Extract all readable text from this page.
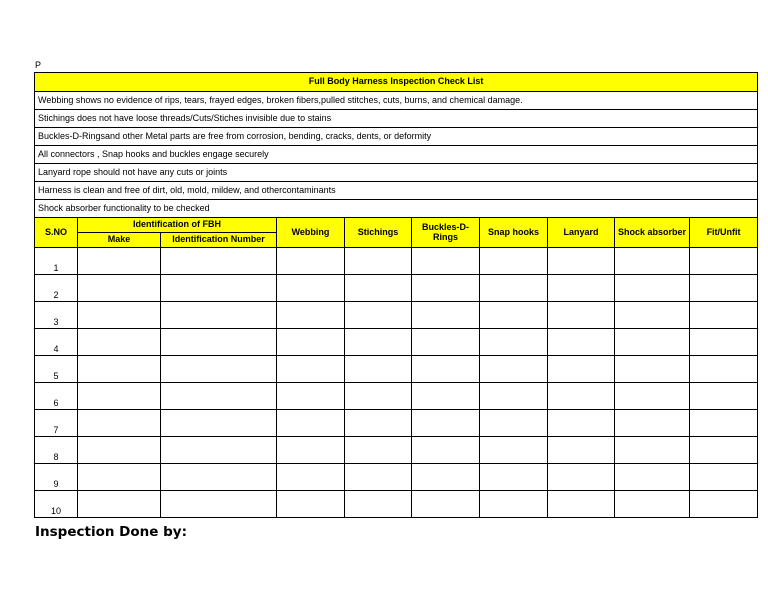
P
Full Body Harness Inspection Check List									
Webbing shows no evidence of rips, tears, frayed edges, broken fibers,pulled stitches, cuts, burns, and chemical damage.									
Stichings does not have loose threads/Cuts/Stiches invisible due to stains									
Buckles-D-Ringsand other Metal parts are free from corrosion, bending, cracks, dents, or deformity									
All connectors , Snap hooks and buckles engage securely									
Lanyard rope should not have any cuts or joints									
Harness is clean and free of dirt, old, mold, mildew, and othercontaminants									
Shock absorber functionality to be checked									
S.NO	Identification of FBH		Webbing	Stichings	Buckles-D-Rings	Snap hooks	Lanyard	Shock absorber	Fit/Unfit
	Make	Identification Number							
1									
2									
3									
4									
5									
6									
7									
8									
9									
10									
Inspection Done by:
